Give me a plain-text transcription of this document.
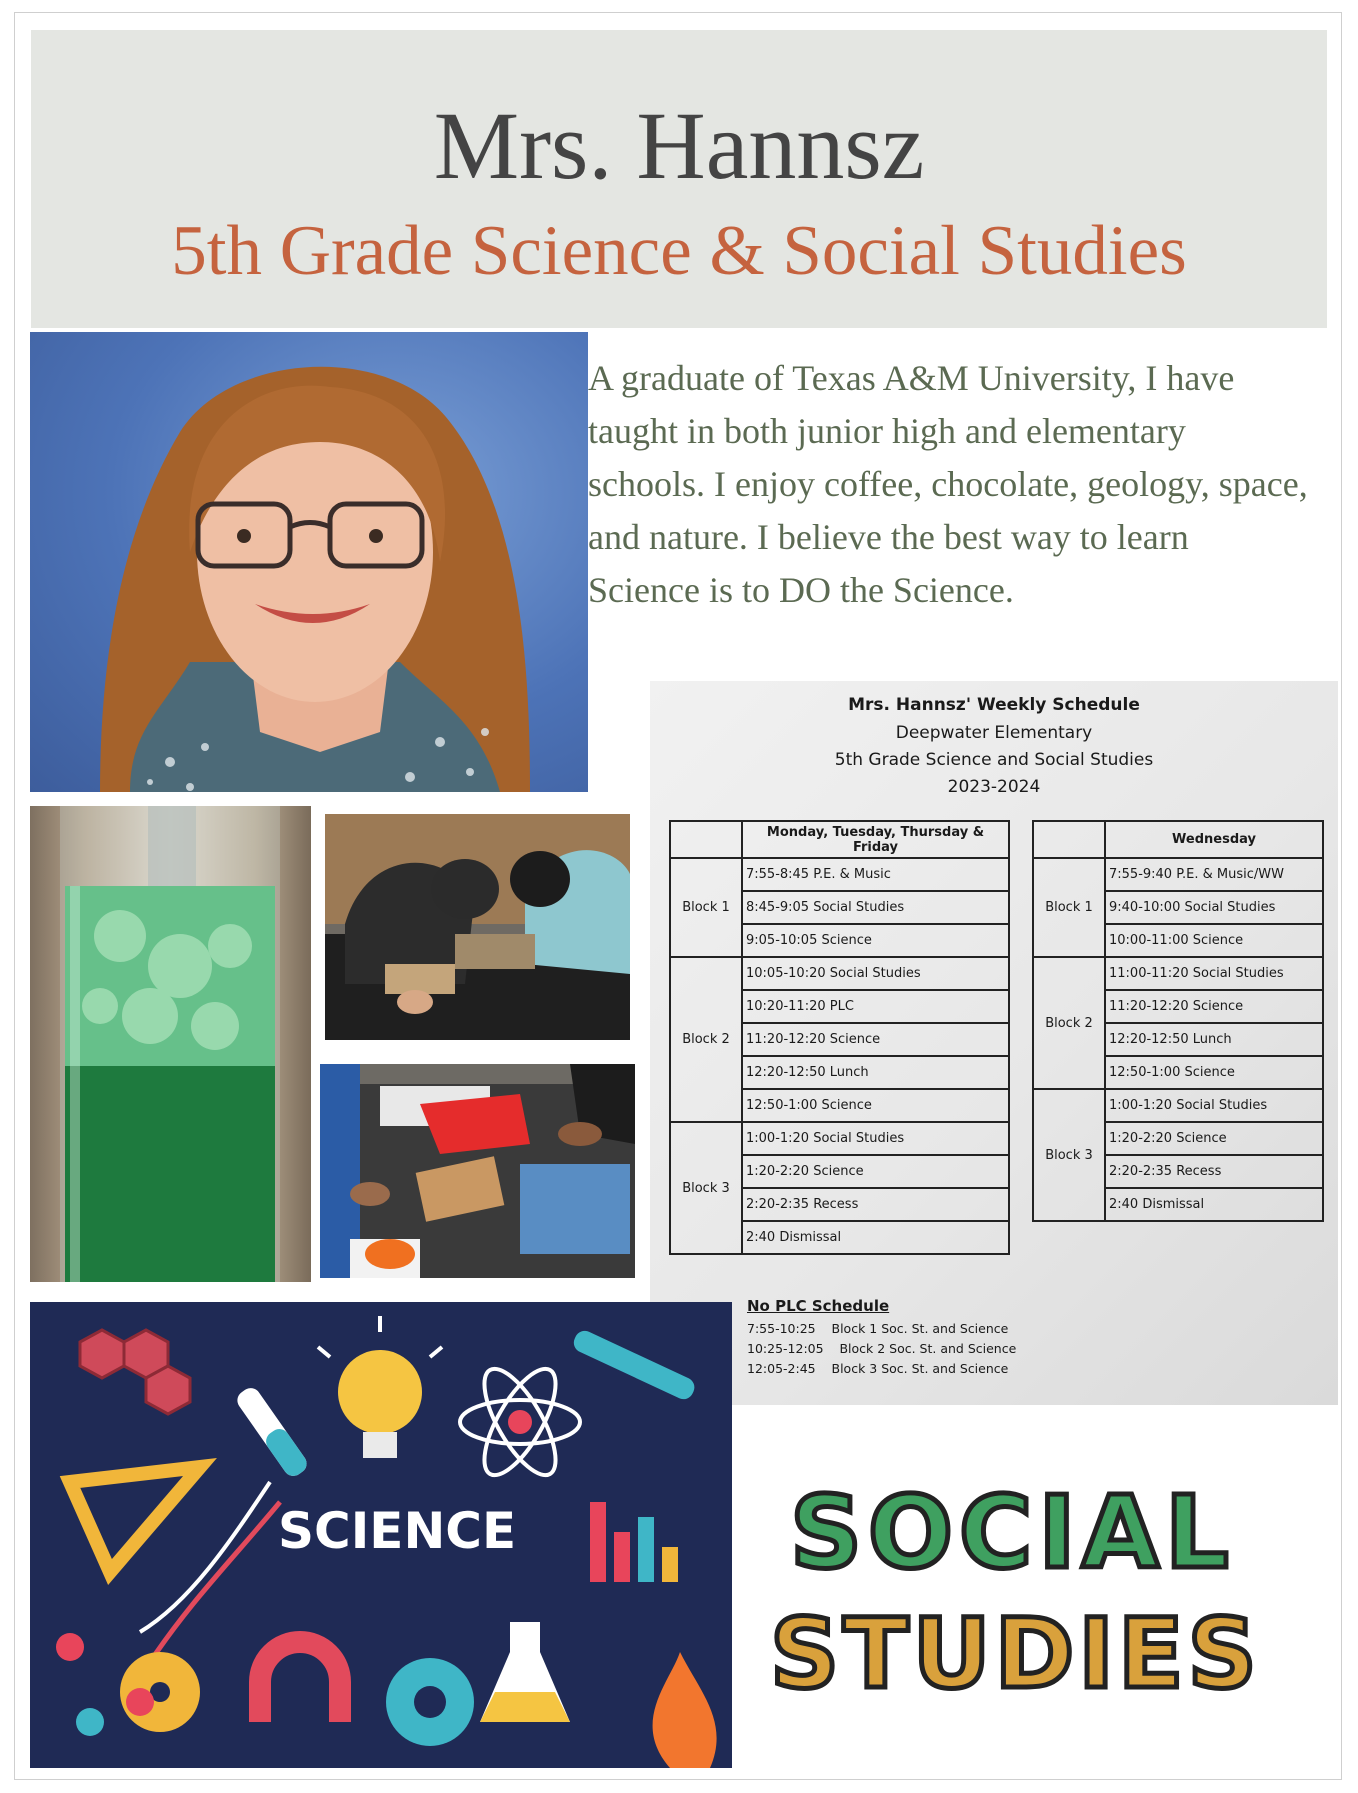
Mrs. Hannsz
5th Grade Science & Social Studies
A graduate of Texas A&M University, I have taught in both junior high and elementary schools. I enjoy coffee, chocolate, geology, space, and nature. I believe the best way to learn Science is to DO the Science.
Mrs. Hannsz' Weekly Schedule
Deepwater Elementary
5th Grade Science and Social Studies
2023-2024
	Monday, Tuesday, Thursday & Friday
Block 1	7:55-8:45 P.E. & Music
	8:45-9:05 Social Studies
	9:05-10:05 Science
Block 2	10:05-10:20 Social Studies
	10:20-11:20 PLC
	11:20-12:20 Science
	12:20-12:50 Lunch
	12:50-1:00 Science
Block 3	1:00-1:20 Social Studies
	1:20-2:20 Science
	2:20-2:35 Recess
	2:40 Dismissal
	Wednesday
Block 1	7:55-9:40 P.E. & Music/WW
	9:40-10:00 Social Studies
	10:00-11:00 Science
Block 2	11:00-11:20 Social Studies
	11:20-12:20 Science
	12:20-12:50 Lunch
	12:50-1:00 Science
Block 3	1:00-1:20 Social Studies
	1:20-2:20 Science
	2:20-2:35 Recess
	2:40 Dismissal
No PLC Schedule
7:55-10:25    Block 1 Soc. St. and Science
10:25-12:05    Block 2 Soc. St. and Science
12:05-2:45    Block 3 Soc. St. and Science
SCIENCE	SOCIAL
STUDIES
